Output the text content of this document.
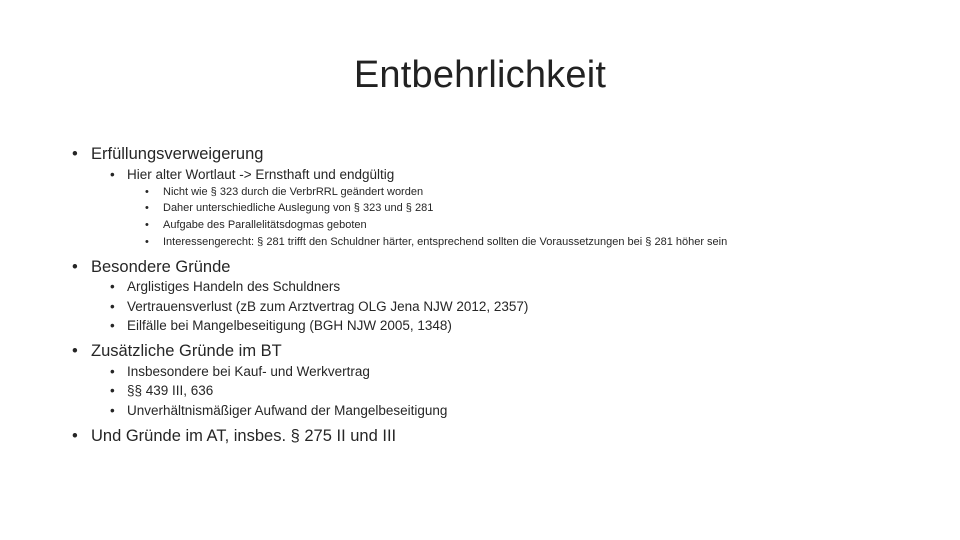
Entbehrlichkeit
• Erfüllungsverweigerung
• Hier alter Wortlaut -> Ernsthaft und endgültig
• Nicht wie § 323 durch die VerbrRRL geändert worden
• Daher unterschiedliche Auslegung von § 323 und § 281
• Aufgabe des Parallelitätsdogmas geboten
• Interessengerecht: § 281 trifft den Schuldner härter, entsprechend sollten die Voraussetzungen bei § 281 höher sein
• Besondere Gründe
• Arglistiges Handeln des Schuldners
• Vertrauensverlust (zB zum Arztvertrag OLG Jena NJW 2012, 2357)
• Eilfälle bei Mangelbeseitigung (BGH NJW 2005, 1348)
• Zusätzliche Gründe im BT
• Insbesondere bei Kauf- und Werkvertrag
• §§ 439 III, 636
• Unverhältnismäßiger Aufwand der Mangelbeseitigung
• Und Gründe im AT, insbes. § 275 II und III
